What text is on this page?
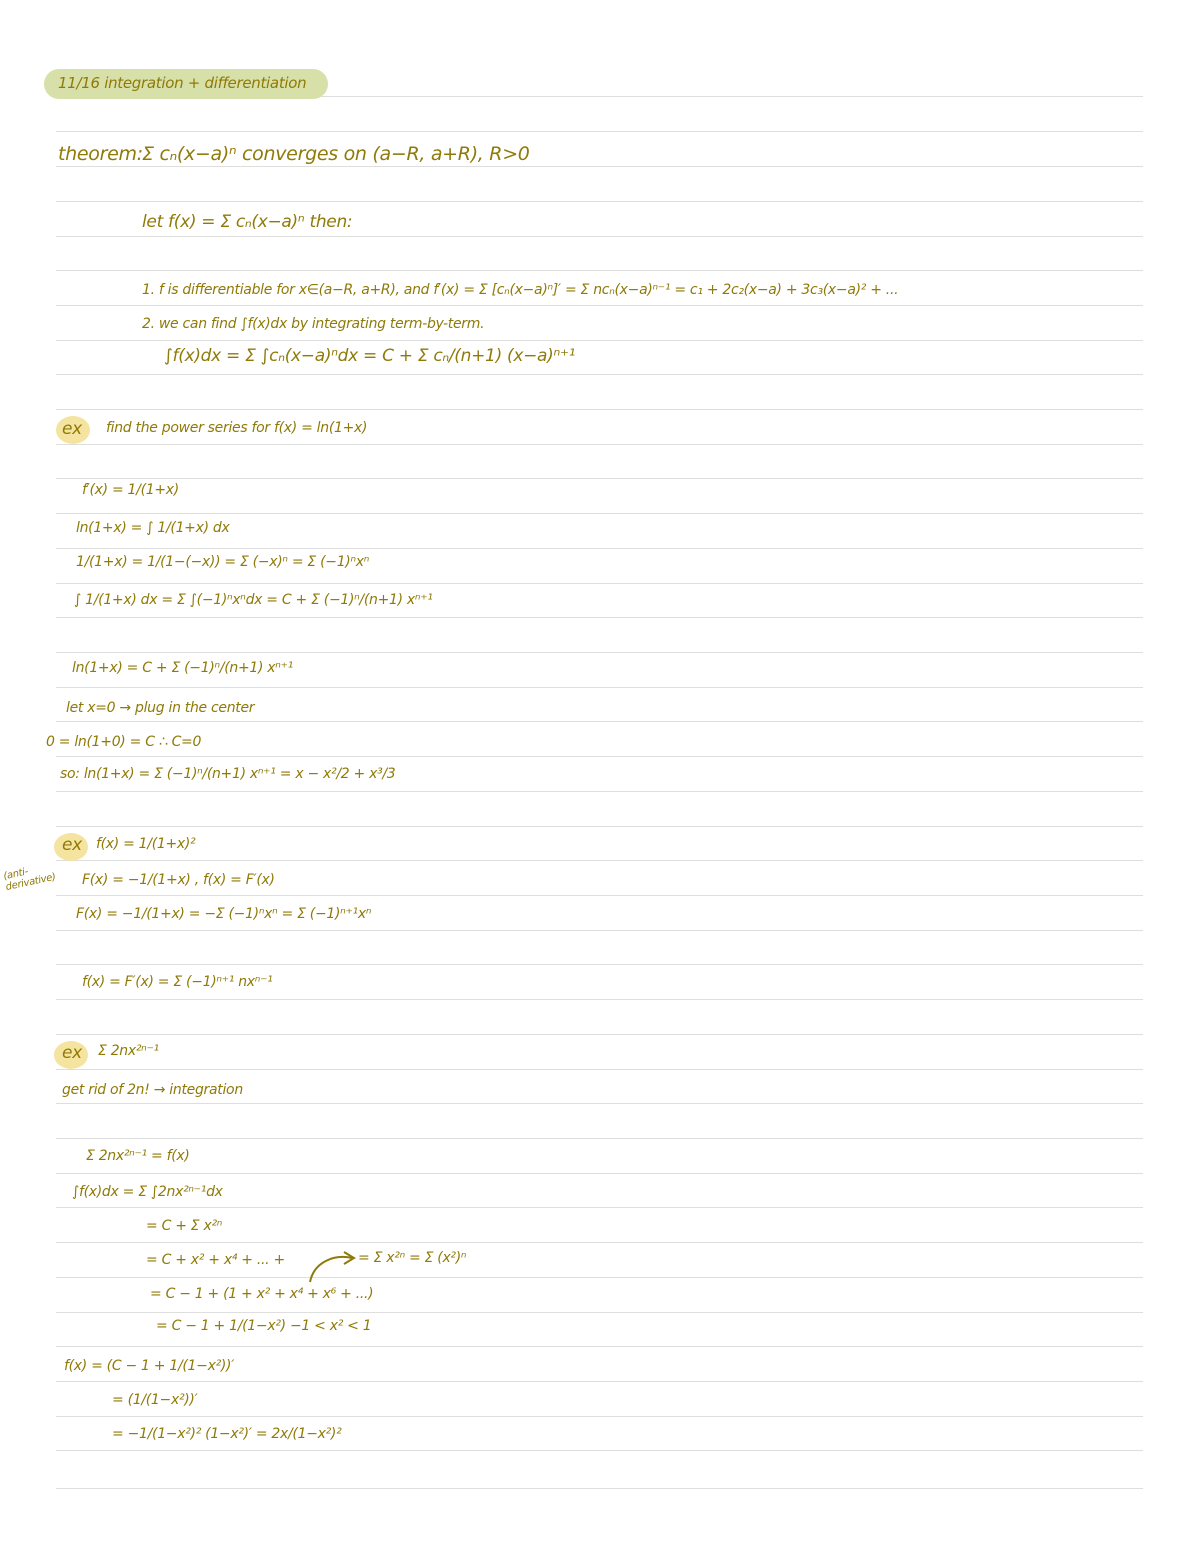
11/16 integration + differentiation
theorem: Σ cₙ(x−a)ⁿ converges on (a−R, a+R), R>0
let f(x) = Σ cₙ(x−a)ⁿ then:
1. f is differentiable for x∈(a−R, a+R), and f′(x) = Σ [cₙ(x−a)ⁿ]′ = Σ ncₙ(x−a)ⁿ⁻¹ = c₁ + 2c₂(x−a) + 3c₃(x−a)² + ...
2. we can find ∫f(x)dx by integrating term-by-term.
∫f(x)dx = Σ ∫cₙ(x−a)ⁿdx = C + Σ cₙ/(n+1) (x−a)ⁿ⁺¹
ex find the power series for f(x) = ln(1+x)
f′(x) = 1/(1+x)
ln(1+x) = ∫ 1/(1+x) dx
1/(1+x) = 1/(1−(−x)) = Σ (−x)ⁿ = Σ (−1)ⁿxⁿ
∫ 1/(1+x) dx = Σ ∫(−1)ⁿxⁿdx = C + Σ (−1)ⁿ/(n+1) xⁿ⁺¹
ln(1+x) = C + Σ (−1)ⁿ/(n+1) xⁿ⁺¹
let x=0 → plug in the center
0 = ln(1+0) = C ∴ C=0
so: ln(1+x) = Σ (−1)ⁿ/(n+1) xⁿ⁺¹ = x − x²/2 + x³/3
ex f(x) = 1/(1+x)²
(anti-derivative)	F(x) = −1/(1+x) , f(x) = F′(x)
F(x) = −1/(1+x) = −Σ (−1)ⁿxⁿ = Σ (−1)ⁿ⁺¹xⁿ
f(x) = F′(x) = Σ (−1)ⁿ⁺¹ nxⁿ⁻¹
ex Σ 2nx²ⁿ⁻¹
get rid of 2n! → integration
Σ 2nx²ⁿ⁻¹ = f(x)
∫f(x)dx = Σ ∫2nx²ⁿ⁻¹dx
= C + Σ x²ⁿ
= C + x² + x⁴ + ... +
= C − 1 + (1 + x² + x⁴ + x⁶ + ...)
= C − 1 + 1/(1−x²) −1 < x² < 1
f(x) = (C − 1 + 1/(1−x²))′
= (1/(1−x²))′
= −1/(1−x²)² (1−x²)′ = 2x/(1−x²)²
= Σ x²ⁿ = Σ (x²)ⁿ
